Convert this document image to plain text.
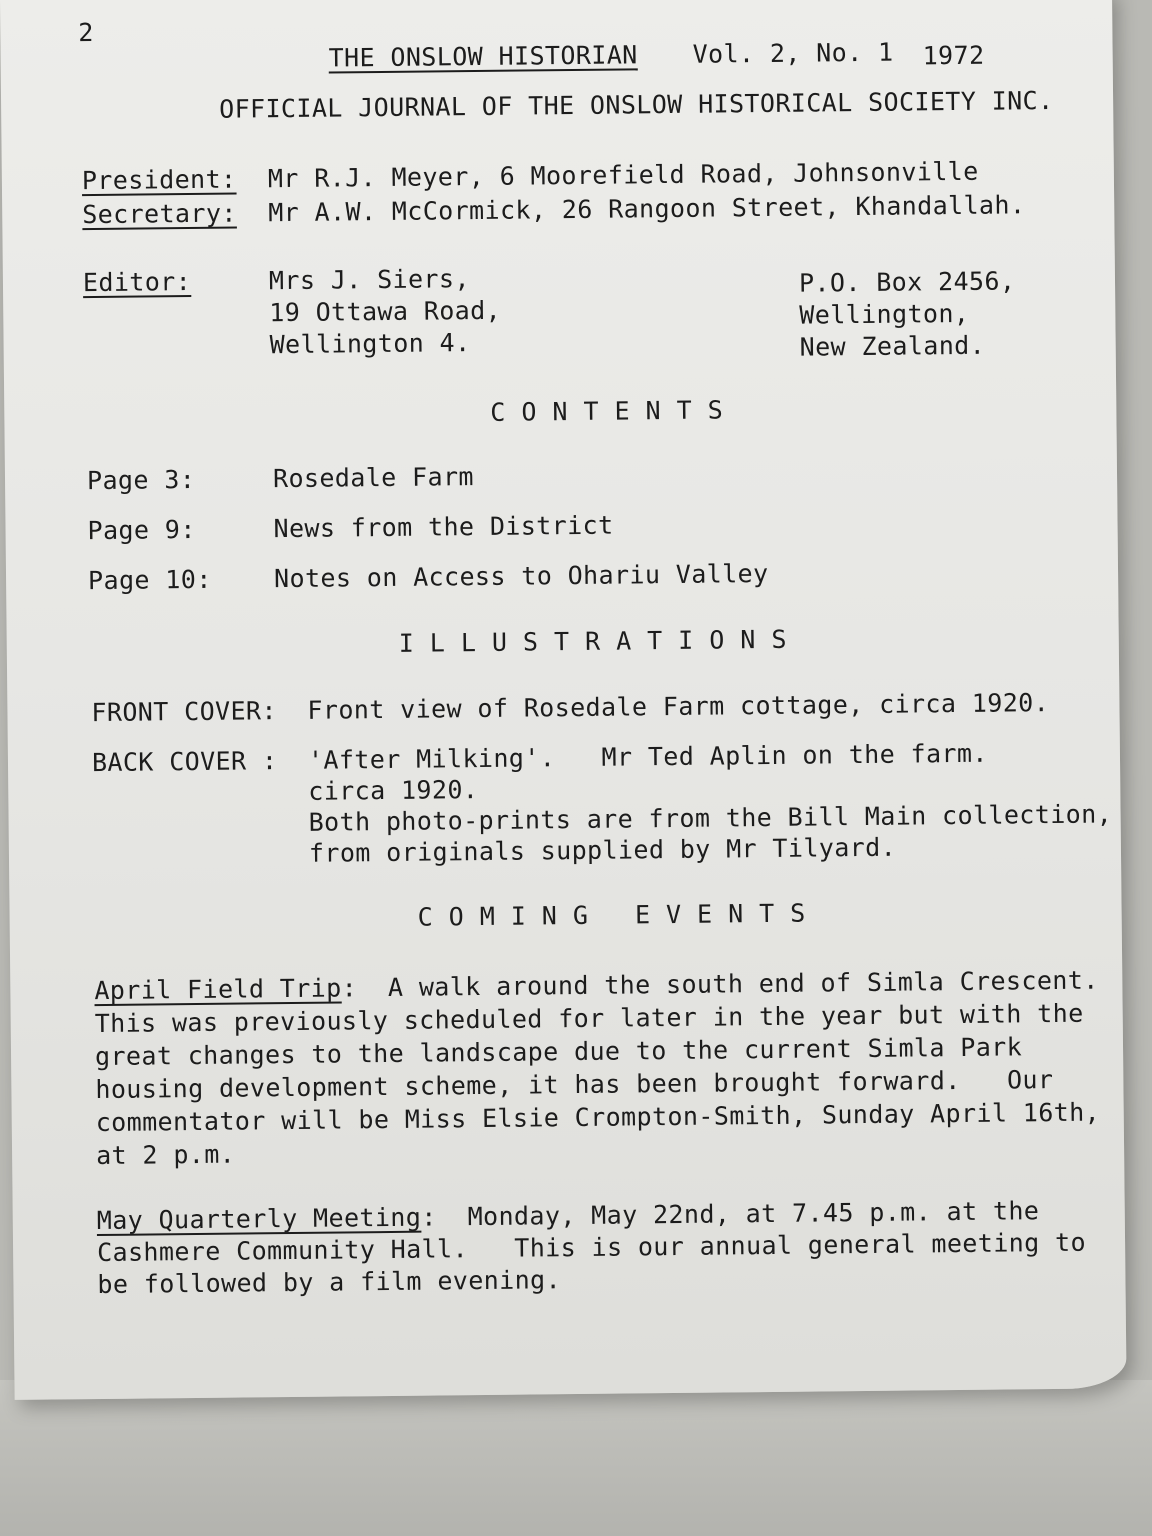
2
THE ONSLOW HISTORIAN Vol. 2, No. 1 1972
OFFICIAL JOURNAL OF THE ONSLOW HISTORICAL SOCIETY INC.
President: Mr R.J. Meyer, 6 Moorefield Road, Johnsonville
Secretary: Mr A.W. McCormick, 26 Rangoon Street, Khandallah.
Editor:	Mrs J. Siers,
19 Ottawa Road,
Wellington 4.
P.O. Box 2456,
Wellington,
New Zealand.
CONTENTS
Page 3:	Rosedale Farm
Page 9:	News from the District
Page 10: Notes on Access to Ohariu Valley
ILLUSTRATIONS
FRONT COVER: Front view of Rosedale Farm cottage, circa 1920.
BACK COVER : 'After Milking'.   Mr Ted Aplin on the farm.
circa 1920.
Both photo-prints are from the Bill Main collection,
from originals supplied by Mr Tilyard.
COMING EVENTS
April Field Trip:  A walk around the south end of Simla Crescent.
This was previously scheduled for later in the year but with the
great changes to the landscape due to the current Simla Park
housing development scheme, it has been brought forward.   Our
commentator will be Miss Elsie Crompton-Smith, Sunday April 16th,
at 2 p.m.
May Quarterly Meeting:  Monday, May 22nd, at 7.45 p.m. at the
Cashmere Community Hall.   This is our annual general meeting to
be followed by a film evening.
